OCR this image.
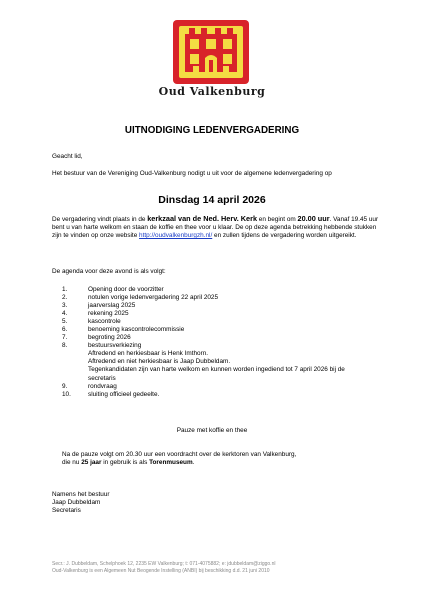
Oud Valkenburg
UITNODIGING LEDENVERGADERING
Geacht lid,
Het bestuur van de Vereniging Oud-Valkenburg nodigt u uit voor de algemene ledenvergadering op
Dinsdag 14 april 2026
De vergadering vindt plaats in de kerkzaal van de Ned. Herv. Kerk en begint om 20.00 uur. Vanaf 19.45 uur bent u van harte welkom en staan de koffie en thee voor u klaar. De op deze agenda betrekking hebbende stukken zijn te vinden op onze website http://oudvalkenburgzh.nl/ en zullen tijdens de vergadering worden uitgereikt.
De agenda voor deze avond is als volgt:
1.	Opening door de voorzitter
2.	notulen vorige ledenvergadering 22 april 2025
3.	jaarverslag 2025
4.	rekening 2025
5.	kascontrole
6.	benoeming kascontrolecommissie
7.	begroting 2026
8.	bestuursverkiezing
Aftredend en herkiesbaar is Henk Imthorn.
Aftredend en niet herkiesbaar is Jaap Dubbeldam.
Tegenkandidaten zijn van harte welkom en kunnen worden ingediend tot 7 april 2026 bij de secretaris
9.	rondvraag
10.	sluiting officieel gedeelte.
Pauze met koffie en thee
Na de pauze volgt om 20.30 uur een voordracht over de kerktoren van Valkenburg,
die nu 25 jaar in gebruik is als Torenmuseum.
Namens het bestuur
Jaap Dubbeldam
Secretaris
Secr.: J. Dubbeldam, Schelphoek 12, 2235 EW Valkenburg; t: 071-4075882; e: jdubbeldam@ziggo.nl
Oud-Valkenburg is een Algemeen Nut Beogende Instelling (ANBI) bij beschikking d.d. 21 juni 2010
